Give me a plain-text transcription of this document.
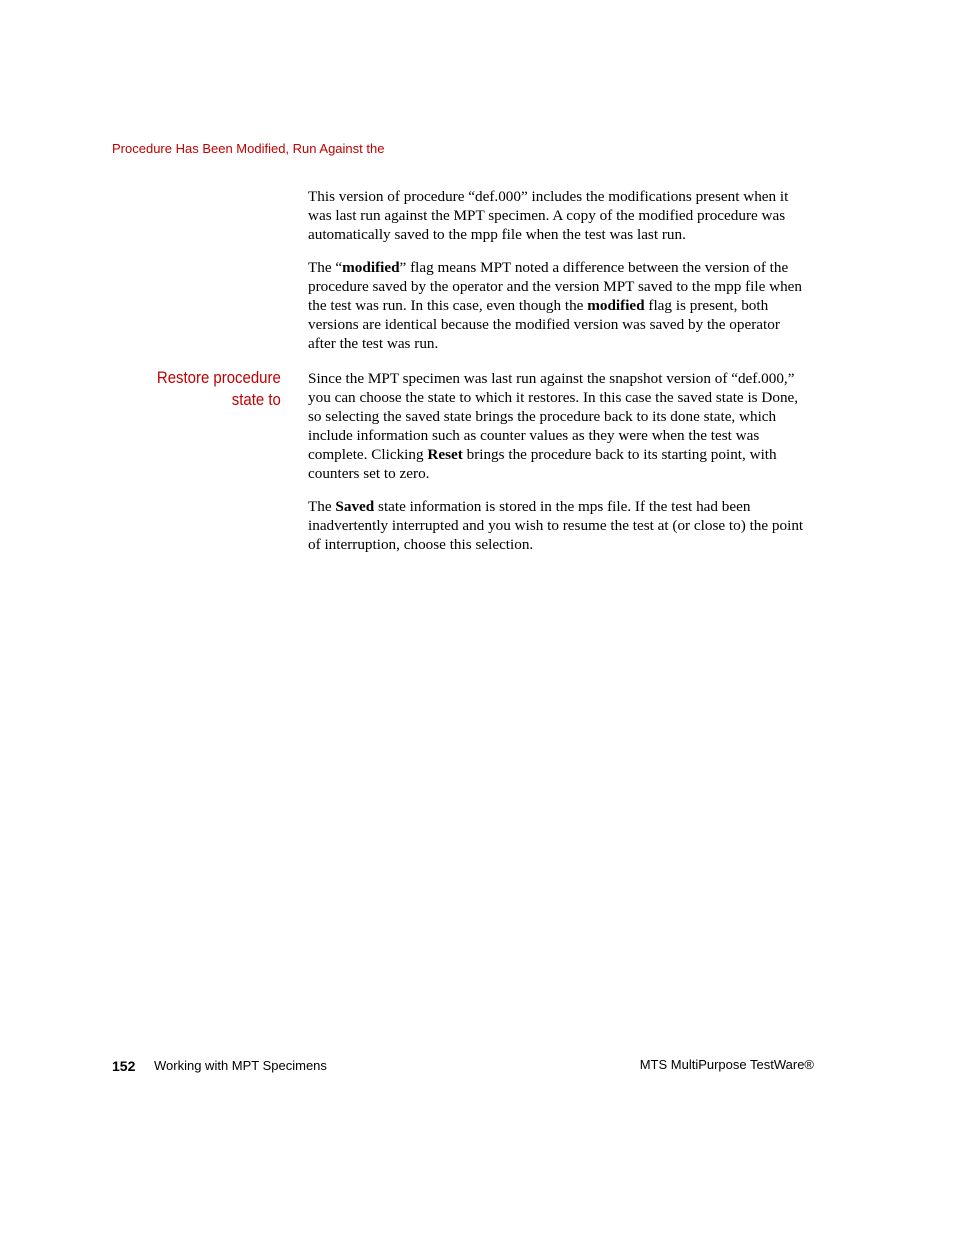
Procedure Has Been Modified, Run Against the

This version of procedure “def.000” includes the modifications present when it
was last run against the MPT specimen. A copy of the modified procedure was
automatically saved to the mpp file when the test was last run.

The “modified” flag means MPT noted a difference between the version of the
procedure saved by the operator and the version MPT saved to the mpp file when
the test was run. In this case, even though the modified flag is present, both
versions are identical because the modified version was saved by the operator
after the test was run.

Restore procedure
state to

Since the MPT specimen was last run against the snapshot version of “def.000,”
you can choose the state to which it restores. In this case the saved state is Done,
so selecting the saved state brings the procedure back to its done state, which
include information such as counter values as they were when the test was
complete. Clicking Reset brings the procedure back to its starting point, with
counters set to zero.

The Saved state information is stored in the mps file. If the test had been
inadvertently interrupted and you wish to resume the test at (or close to) the point
of interruption, choose this selection.

152 Working with MPT Specimens	MTS MultiPurpose TestWare®
